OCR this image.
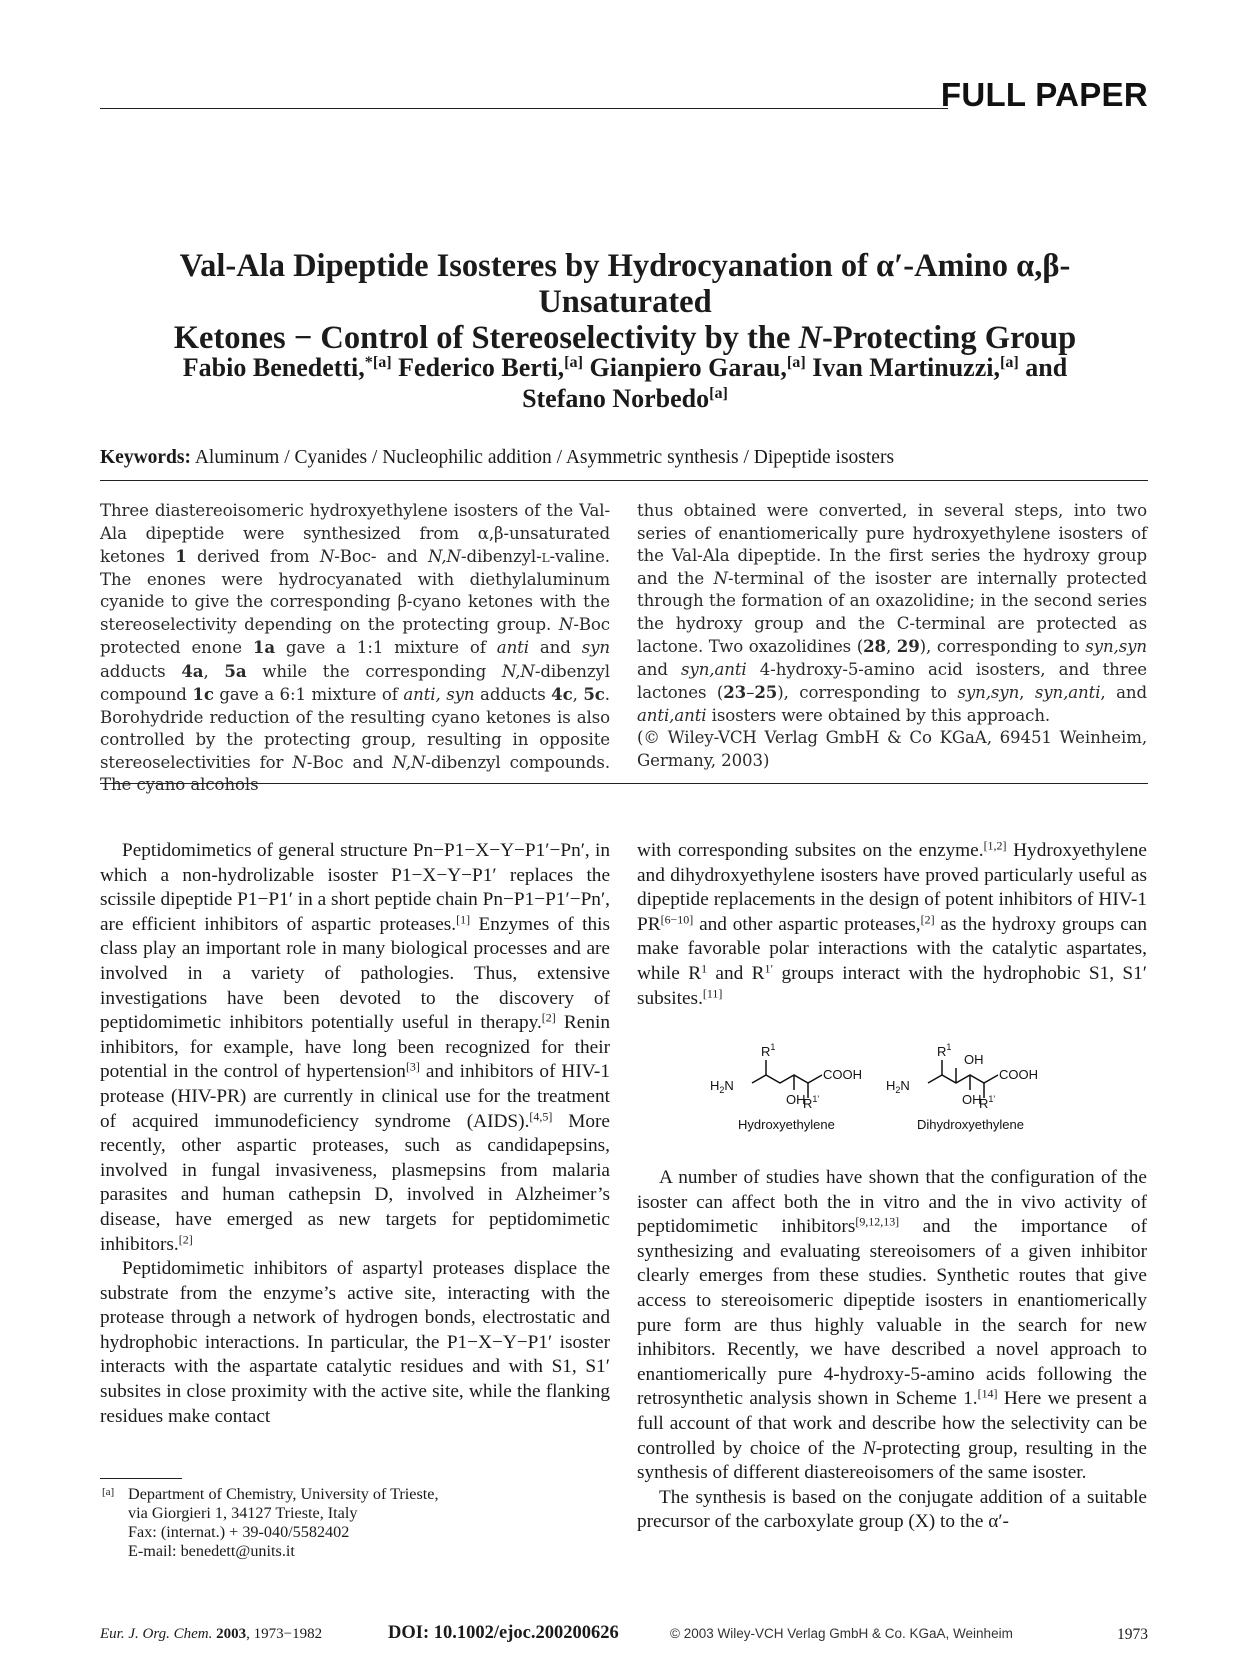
FULL PAPER
Val-Ala Dipeptide Isosteres by Hydrocyanation of α′-Amino α,β-Unsaturated
Ketones − Control of Stereoselectivity by the N-Protecting Group
Fabio Benedetti,$^{*[a]}$ Federico Berti,[a] Gianpiero Garau,[a] Ivan Martinuzzi,[a] and
Stefano Norbedo[a]
Keywords: Aluminum / Cyanides / Nucleophilic addition / Asymmetric synthesis / Dipeptide isosters

Three diastereoisomeric hydroxyethylene isosters of the Val-Ala dipeptide were synthesized from α,β-unsaturated ketones 1 derived from N-Boc- and N,N-dibenzyl-l-valine. The enones were hydrocyanated with diethylaluminum cyanide to give the corresponding β-cyano ketones with the stereoselectivity depending on the protecting group. N-Boc protected enone 1a gave a 1:1 mixture of anti and syn adducts 4a, 5a while the corresponding N,N-dibenzyl compound 1c gave a 6:1 mixture of anti, syn adducts 4c, 5c. Borohydride reduction of the resulting cyano ketones is also controlled by the protecting group, resulting in opposite stereoselectivities for N-Boc and N,N-dibenzyl compounds. The cyano alcohols

thus obtained were converted, in several steps, into two series of enantiomerically pure hydroxyethylene isosters of the Val-Ala dipeptide. In the first series the hydroxy group and the N-terminal of the isoster are internally protected through the formation of an oxazolidine; in the second series the hydroxy group and the C-terminal are protected as lactone. Two oxazolidines (28, 29), corresponding to syn,syn and syn,anti 4-hydroxy-5-amino acid isosters, and three lactones (23–25), corresponding to syn,syn, syn,anti, and anti,anti isosters were obtained by this approach.

(© Wiley-VCH Verlag GmbH & Co KGaA, 69451 Weinheim, Germany, 2003)

Peptidomimetics of general structure Pn−P1−X−Y−P1′−Pn′, in which a non-hydrolizable isoster P1−X−Y−P1′ replaces the scissile dipeptide P1−P1′ in a short peptide chain Pn−P1−P1′−Pn′, are efficient inhibitors of aspartic proteases.[1] Enzymes of this class play an important role in many biological processes and are involved in a variety of pathologies. Thus, extensive investigations have been devoted to the discovery of peptidomimetic inhibitors potentially useful in therapy.[2] Renin inhibitors, for example, have long been recognized for their potential in the control of hypertension[3] and inhibitors of HIV-1 protease (HIV-PR) are currently in clinical use for the treatment of acquired immunodeficiency syndrome (AIDS).[4,5] More recently, other aspartic proteases, such as candidapepsins, involved in fungal invasiveness, plasmepsins from malaria parasites and human cathepsin D, involved in Alzheimer’s disease, have emerged as new targets for peptidomimetic inhibitors.[2]

Peptidomimetic inhibitors of aspartyl proteases displace the substrate from the enzyme’s active site, interacting with the protease through a network of hydrogen bonds, electrostatic and hydrophobic interactions. In particular, the P1−X−Y−P1′ isoster interacts with the aspartate catalytic residues and with S1, S1′ subsites in close proximity with the active site, while the flanking residues make contact

with corresponding subsites on the enzyme.[1,2] Hydroxyethylene and dihydroxyethylene isosters have proved particularly useful as dipeptide replacements in the design of potent inhibitors of HIV-1 PR[6−10] and other aspartic proteases,[2] as the hydroxy groups can make favorable polar interactions with the catalytic aspartates, while $R^1$ and $R^{1'}$ groups interact with the hydrophobic S1, S1′ subsites.[11]

$H_2N$
$R^1$
COOH
OH
$R^{1'}$
Hydroxyethylene
$H_2N$
$R^1$
OH
COOH
OH
$R^{1'}$
Dihydroxyethylene

A number of studies have shown that the configuration of the isoster can affect both the in vitro and the in vivo activity of peptidomimetic inhibitors[9,12,13] and the importance of synthesizing and evaluating stereoisomers of a given inhibitor clearly emerges from these studies. Synthetic routes that give access to stereoisomeric dipeptide isosters in enantiomerically pure form are thus highly valuable in the search for new inhibitors. Recently, we have described a novel approach to enantiomerically pure 4-hydroxy-5-amino acids following the retrosynthetic analysis shown in Scheme 1.[14] Here we present a full account of that work and describe how the selectivity can be controlled by choice of the N-protecting group, resulting in the synthesis of different diastereoisomers of the same isoster.

The synthesis is based on the conjugate addition of a suitable precursor of the carboxylate group (X) to the α′-

[a] Department of Chemistry, University of Trieste,
via Giorgieri 1, 34127 Trieste, Italy
Fax: (internat.) + 39-040/5582402
E-mail: benedett@units.it
Eur. J. Org. Chem. 2003, 1973−1982	DOI: 10.1002/ejoc.200200626	© 2003 Wiley-VCH Verlag GmbH & Co. KGaA, Weinheim	1973
